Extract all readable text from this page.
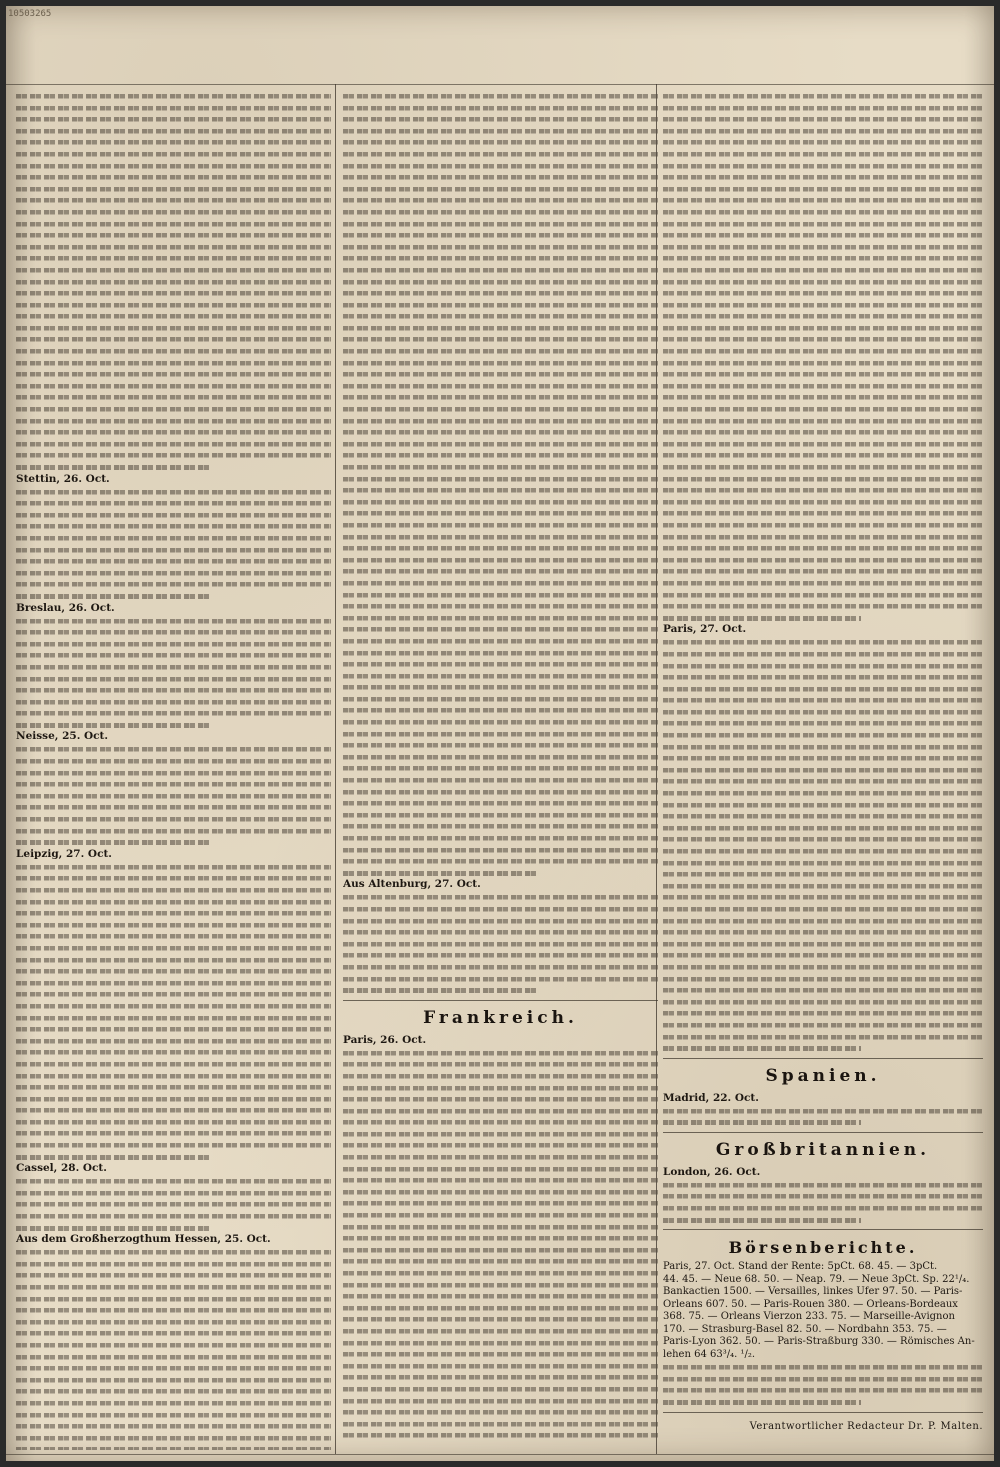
10503265
Stettin, 26. Oct.
Breslau, 26. Oct.
Neisse, 25. Oct.
Leipzig, 27. Oct.
Cassel, 28. Oct.
Aus dem Großherzogthum Hessen, 25. Oct.
Aus Altenburg, 27. Oct.
Frankreich.
Paris, 26. Oct.
Paris, 27. Oct.
Spanien.
Madrid, 22. Oct.
Großbritannien.
London, 26. Oct.
Börsenberichte.
Paris, 27. Oct. Stand der Rente: 5pCt. 68. 45. — 3pCt.
44. 45. — Neue 68. 50. — Neap. 79. — Neue 3pCt. Sp. 22¹/₄.
Bankactien 1500. — Versailles, linkes Ufer 97. 50. — Paris-
Orleans 607. 50. — Paris-Rouen 380. — Orleans-Bordeaux
368. 75. — Orleans Vierzon 233. 75. — Marseille-Avignon
170. — Strasburg-Basel 82. 50. — Nordbahn 353. 75. —
Paris-Lyon 362. 50. — Paris-Straßburg 330. — Römisches An-
lehen 64 63³/₄. ¹/₂.
Verantwortlicher Redacteur Dr. P. Malten.
